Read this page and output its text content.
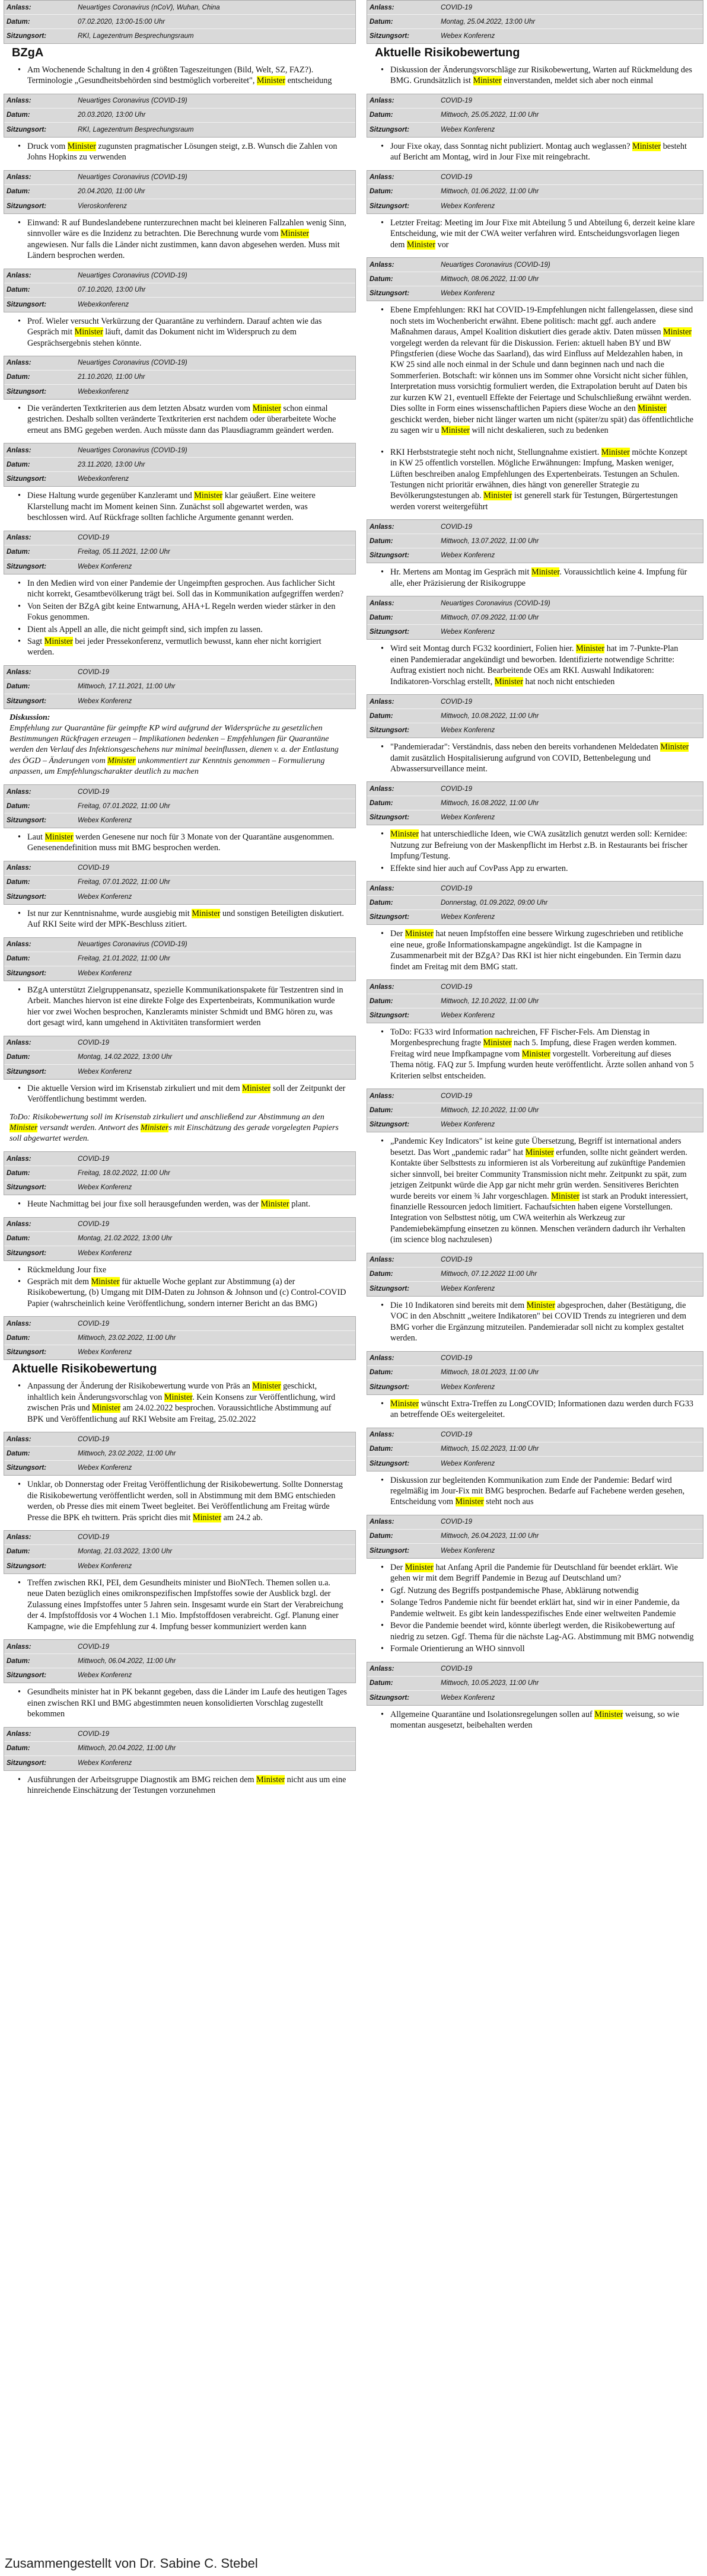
Anlass:	Neuartiges Coronavirus (nCoV), Wuhan, China
Datum:	07.02.2020, 13:00-15:00 Uhr
Sitzungsort:	RKI, Lagezentrum Besprechungsraum
BZgA

• Am Wochenende Schaltung in den 4 größten Tageszeitungen (Bild, Welt, SZ, FAZ?). Terminologie „Gesundheitsbehörden sind bestmöglich vorbereitet", Minister entscheidung

Anlass:	Neuartiges Coronavirus (COVID-19)
Datum:	20.03.2020, 13:00 Uhr
Sitzungsort:	RKI, Lagezentrum Besprechungsraum

• Druck vom Minister zugunsten pragmatischer Lösungen steigt, z.B. Wunsch die Zahlen von Johns Hopkins zu verwenden

Anlass:	Neuartiges Coronavirus (COVID-19)
Datum:	20.04.2020, 11:00 Uhr
Sitzungsort:	Vieroskonferenz

• Einwand: R auf Bundeslandebene runterzurechnen macht bei kleineren Fallzahlen wenig Sinn, sinnvoller wäre es die Inzidenz zu betrachten. Die Berechnung wurde vom Minister angewiesen. Nur falls die Länder nicht zustimmen, kann davon abgesehen werden. Muss mit Ländern besprochen werden.

Anlass:	Neuartiges Coronavirus (COVID-19)
Datum:	07.10.2020, 13:00 Uhr
Sitzungsort:	Webexkonferenz

• Prof. Wieler versucht Verkürzung der Quarantäne zu verhindern. Darauf achten wie das Gespräch mit Minister läuft, damit das Dokument nicht im Widerspruch zu dem Gesprächsergebnis stehen könnte.

Anlass:	Neuartiges Coronavirus (COVID-19)
Datum:	21.10.2020, 11:00 Uhr
Sitzungsort:	Webexkonferenz

• Die veränderten Textkriterien aus dem letzten Absatz wurden vom Minister schon einmal gestrichen. Deshalb sollten veränderte Textkriterien erst nachdem oder überarbeitete Woche erneut ans BMG gegeben werden. Auch müsste dann das Plausdiagramm geändert werden.

Anlass:	Neuartiges Coronavirus (COVID-19)
Datum:	23.11.2020, 13:00 Uhr
Sitzungsort:	Webexkonferenz

• Diese Haltung wurde gegenüber Kanzleramt und Minister klar geäußert. Eine weitere Klarstellung macht im Moment keinen Sinn. Zunächst soll abgewartet werden, was beschlossen wird. Auf Rückfrage sollten fachliche Argumente genannt werden.

Anlass:	COVID-19
Datum:	Freitag, 05.11.2021, 12:00 Uhr
Sitzungsort:	Webex Konferenz

• In den Medien wird von einer Pandemie der Ungeimpften gesprochen. Aus fachlicher Sicht nicht korrekt, Gesamtbevölkerung trägt bei. Soll das in Kommunikation aufgegriffen werden?

• Von Seiten der BZgA gibt keine Entwarnung, AHA+L Regeln werden wieder stärker in den Fokus genommen.

• Dient als Appell an alle, die nicht geimpft sind, sich impfen zu lassen.

• Sagt Minister bei jeder Pressekonferenz, vermutlich bewusst, kann eher nicht korrigiert werden.

Anlass:	COVID-19
Datum:	Mittwoch, 17.11.2021, 11:00 Uhr
Sitzungsort:	Webex Konferenz
Diskussion:
Empfehlung zur Quarantäne für geimpfte KP wird aufgrund der Widersprüche zu gesetzlichen Bestimmungen Rückfragen erzeugen – Implikationen bedenken – Empfehlungen für Quarantäne werden den Verlauf des Infektionsgeschehens nur minimal beeinflussen, dienen v. a. der Entlastung des ÖGD – Änderungen vom Minister unkommentiert zur Kenntnis genommen – Formulierung anpassen, um Empfehlungscharakter deutlich zu machen
Anlass:	COVID-19
Datum:	Freitag, 07.01.2022, 11:00 Uhr
Sitzungsort:	Webex Konferenz

• Laut Minister werden Genesene nur noch für 3 Monate von der Quarantäne ausgenommen. Genesenendefinition muss mit BMG besprochen werden.

Anlass:	COVID-19
Datum:	Freitag, 07.01.2022, 11:00 Uhr
Sitzungsort:	Webex Konferenz

• Ist nur zur Kenntnisnahme, wurde ausgiebig mit Minister und sonstigen Beteiligten diskutiert. Auf RKI Seite wird der MPK-Beschluss zitiert.

Anlass:	Neuartiges Coronavirus (COVID-19)
Datum:	Freitag, 21.01.2022, 11:00 Uhr
Sitzungsort:	Webex Konferenz

• BZgA unterstützt Zielgruppenansatz, spezielle Kommunikationspakete für Testzentren sind in Arbeit. Manches hiervon ist eine direkte Folge des Expertenbeirats, Kommunikation wurde hier vor zwei Wochen besprochen, Kanzleramts minister Schmidt und BMG hören zu, was dort gesagt wird, kann umgehend in Aktivitäten transformiert werden

Anlass:	COVID-19
Datum:	Montag, 14.02.2022, 13:00 Uhr
Sitzungsort:	Webex Konferenz

• Die aktuelle Version wird im Krisenstab zirkuliert und mit dem Minister soll der Zeitpunkt der Veröffentlichung bestimmt werden.

ToDo: Risikobewertung soll im Krisenstab zirkuliert und anschließend zur Abstimmung an den Minister versandt werden. Antwort des Ministers mit Einschätzung des gerade vorgelegten Papiers soll abgewartet werden.
Anlass:	COVID-19
Datum:	Freitag, 18.02.2022, 11:00 Uhr
Sitzungsort:	Webex Konferenz

• Heute Nachmittag bei jour fixe soll herausgefunden werden, was der Minister plant.

Anlass:	COVID-19
Datum:	Montag, 21.02.2022, 13:00 Uhr
Sitzungsort:	Webex Konferenz

• Rückmeldung Jour fixe

• Gespräch mit dem Minister für aktuelle Woche geplant zur Abstimmung (a) der Risikobewertung, (b) Umgang mit DIM-Daten zu Johnson & Johnson und (c) Control-COVID Papier (wahrscheinlich keine Veröffentlichung, sondern interner Bericht an das BMG)

Anlass:	COVID-19
Datum:	Mittwoch, 23.02.2022, 11:00 Uhr
Sitzungsort:	Webex Konferenz
Aktuelle Risikobewertung

• Anpassung der Änderung der Risikobewertung wurde von Präs an Minister geschickt, inhaltlich kein Änderungsvorschlag von Minister. Kein Konsens zur Veröffentlichung, wird zwischen Präs und Minister am 24.02.2022 besprochen. Voraussichtliche Abstimmung auf BPK und Veröffentlichung auf RKI Website am Freitag, 25.02.2022

Anlass:	COVID-19
Datum:	Mittwoch, 23.02.2022, 11:00 Uhr
Sitzungsort:	Webex Konferenz

• Unklar, ob Donnerstag oder Freitag Veröffentlichung der Risikobewertung. Sollte Donnerstag die Risikobewertung veröffentlicht werden, soll in Abstimmung mit dem BMG entschieden werden, ob Presse dies mit einem Tweet begleitet. Bei Veröffentlichung am Freitag würde Presse die BPK eh twittern. Präs spricht dies mit Minister am 24.2 ab.

Anlass:	COVID-19
Datum:	Montag, 21.03.2022, 13:00 Uhr
Sitzungsort:	Webex Konferenz

• Treffen zwischen RKI, PEI, dem Gesundheits minister und BioNTech. Themen sollen u.a. neue Daten bezüglich eines omikronspezifischen Impfstoffes sowie der Ausblick bzgl. der Zulassung eines Impfstoffes unter 5 Jahren sein. Insgesamt wurde ein Start der Verabreichung der 4. Impfstoffdosis vor 4 Wochen 1.1 Mio. Impfstoffdosen verabreicht. Ggf. Planung einer Kampagne, wie die Empfehlung zur 4. Impfung besser kommuniziert werden kann

Anlass:	COVID-19
Datum:	Mittwoch, 06.04.2022, 11:00 Uhr
Sitzungsort:	Webex Konferenz

• Gesundheits minister hat in PK bekannt gegeben, dass die Länder im Laufe des heutigen Tages einen zwischen RKI und BMG abgestimmten neuen konsolidierten Vorschlag zugestellt bekommen

Anlass:	COVID-19
Datum:	Mittwoch, 20.04.2022, 11:00 Uhr
Sitzungsort:	Webex Konferenz

• Ausführungen der Arbeitsgruppe Diagnostik am BMG reichen dem Minister nicht aus um eine hinreichende Einschätzung der Testungen vorzunehmen

Anlass:	COVID-19
Datum:	Montag, 25.04.2022, 13:00 Uhr
Sitzungsort:	Webex Konferenz
Aktuelle Risikobewertung

• Diskussion der Änderungsvorschläge zur Risikobewertung, Warten auf Rückmeldung des BMG. Grundsätzlich ist Minister einverstanden, meldet sich aber noch einmal

Anlass:	COVID-19
Datum:	Mittwoch, 25.05.2022, 11:00 Uhr
Sitzungsort:	Webex Konferenz

• Jour Fixe okay, dass Sonntag nicht publiziert. Montag auch weglassen? Minister besteht auf Bericht am Montag, wird in Jour Fixe mit reingebracht.

Anlass:	COVID-19
Datum:	Mittwoch, 01.06.2022, 11:00 Uhr
Sitzungsort:	Webex Konferenz

• Letzter Freitag: Meeting im Jour Fixe mit Abteilung 5 und Abteilung 6, derzeit keine klare Entscheidung, wie mit der CWA weiter verfahren wird. Entscheidungsvorlagen liegen dem Minister vor

Anlass:	Neuartiges Coronavirus (COVID-19)
Datum:	Mittwoch, 08.06.2022, 11:00 Uhr
Sitzungsort:	Webex Konferenz

• Ebene Empfehlungen: RKI hat COVID-19-Empfehlungen nicht fallengelassen, diese sind noch stets im Wochenbericht erwähnt. Ebene politisch: macht ggf. auch andere Maßnahmen daraus, Ampel Koalition diskutiert dies gerade aktiv. Daten müssen Minister vorgelegt werden da relevant für die Diskussion. Ferien: aktuell haben BY und BW Pfingstferien (diese Woche das Saarland), das wird Einfluss auf Meldezahlen haben, in KW 25 sind alle noch einmal in der Schule und dann beginnen nach und nach die Sommerferien. Botschaft: wir können uns im Sommer ohne Vorsicht nicht sicher fühlen, Interpretation muss vorsichtig formuliert werden, die Extrapolation beruht auf Daten bis zur kurzen KW 21, eventuell Effekte der Feiertage und Schulschließung erwähnt werden. Dies sollte in Form eines wissenschaftlichen Papiers diese Woche an den Minister geschickt werden, bieber nicht länger warten um nicht (später/zu spät) das öffentlichtliche zu sagen wir u Minister will nicht deskalieren, such zu bedenken

• RKI Herbststrategie steht noch nicht, Stellungnahme existiert. Minister möchte Konzept in KW 25 offentlich vorstellen. Mögliche Erwähnungen: Impfung, Masken weniger, Lüften beschreiben analog Empfehlungen des Expertenbeirats. Testungen an Schulen. Testungen nicht prioritär erwähnen, dies hängt von genereller Strategie zu Bevölkerungstestungen ab. Minister ist generell stark für Testungen, Bürgertestungen werden vorerst weitergeführt

Anlass:	COVID-19
Datum:	Mittwoch, 13.07.2022, 11:00 Uhr
Sitzungsort:	Webex Konferenz

• Hr. Mertens am Montag im Gespräch mit Minister. Voraussichtlich keine 4. Impfung für alle, eher Präzisierung der Risikogruppe

Anlass:	Neuartiges Coronavirus (COVID-19)
Datum:	Mittwoch, 07.09.2022, 11:00 Uhr
Sitzungsort:	Webex Konferenz

• Wird seit Montag durch FG32 koordiniert, Folien hier. Minister hat im 7-Punkte-Plan einen Pandemieradar angekündigt und beworben. Identifizierte notwendige Schritte: Auftrag existiert noch nicht. Bearbeitende OEs am RKI. Auswahl Indikatoren: Indikatoren-Vorschlag erstellt, Minister hat noch nicht entschieden

Anlass:	COVID-19
Datum:	Mittwoch, 10.08.2022, 11:00 Uhr
Sitzungsort:	Webex Konferenz

• "Pandemieradar": Verständnis, dass neben den bereits vorhandenen Meldedaten Minister damit zusätzlich Hospitalisierung aufgrund von COVID, Bettenbelegung und Abwassersurveillance meint.

Anlass:	COVID-19
Datum:	Mittwoch, 16.08.2022, 11:00 Uhr
Sitzungsort:	Webex Konferenz

• Minister hat unterschiedliche Ideen, wie CWA zusätzlich genutzt werden soll: Kernidee: Nutzung zur Befreiung von der Maskenpflicht im Herbst z.B. in Restaurants bei frischer Impfung/Testung.

• Effekte sind hier auch auf CovPass App zu erwarten.

Anlass:	COVID-19
Datum:	Donnerstag, 01.09.2022, 09:00 Uhr
Sitzungsort:	Webex Konferenz

• Der Minister hat neuen Impfstoffen eine bessere Wirkung zugeschrieben und retibliche eine neue, große Informationskampagne angekündigt. Ist die Kampagne in Zusammenarbeit mit der BZgA? Das RKI ist hier nicht eingebunden. Ein Termin dazu findet am Freitag mit dem BMG statt.

Anlass:	COVID-19
Datum:	Mittwoch, 12.10.2022, 11:00 Uhr
Sitzungsort:	Webex Konferenz

• ToDo: FG33 wird Information nachreichen, FF Fischer-Fels. Am Dienstag in Morgenbesprechung fragte Minister nach 5. Impfung, diese Fragen werden kommen. Freitag wird neue Impfkampagne vom Minister vorgestellt. Vorbereitung auf dieses Thema nötig. FAQ zur 5. Impfung wurden heute veröffentlicht. Ärzte sollen anhand von 5 Kriterien selbst entscheiden.

Anlass:	COVID-19
Datum:	Mittwoch, 12.10.2022, 11:00 Uhr
Sitzungsort:	Webex Konferenz

• „Pandemic Key Indicators" ist keine gute Übersetzung, Begriff ist international anders besetzt. Das Wort „pandemic radar" hat Minister erfunden, sollte nicht geändert werden. Kontakte über Selbsttests zu informieren ist als Vorbereitung auf zukünftige Pandemien sicher sinnvoll, bei breiter Community Transmission nicht mehr. Zeitpunkt zu spät, zum jetzigen Zeitpunkt würde die App gar nicht mehr grün werden. Sensitiveres Berichten wurde bereits vor einem ¾ Jahr vorgeschlagen. Minister ist stark an Produkt interessiert, finanzielle Ressourcen jedoch limitiert. Fachaufsichten haben eigene Vorstellungen. Integration von Selbsttest nötig, um CWA weiterhin als Werkzeug zur Pandemiebekämpfung einsetzen zu können. Menschen verändern dadurch ihr Verhalten (im science blog nachzulesen)

Anlass:	COVID-19
Datum:	Mittwoch, 07.12.2022 11:00 Uhr
Sitzungsort:	Webex Konferenz

• Die 10 Indikatoren sind bereits mit dem Minister abgesprochen, daher (Bestätigung, die VOC in den Abschnitt „weitere Indikatoren" bei COVID Trends zu integrieren und dem BMG vorher die Ergänzung mitzuteilen. Pandemieradar soll nicht zu komplex gestaltet werden.

Anlass:	COVID-19
Datum:	Mittwoch, 18.01.2023, 11:00 Uhr
Sitzungsort:	Webex Konferenz

• Minister wünscht Extra-Treffen zu LongCOVID; Informationen dazu werden durch FG33 an betreffende OEs weitergeleitet.

Anlass:	COVID-19
Datum:	Mittwoch, 15.02.2023, 11:00 Uhr
Sitzungsort:	Webex Konferenz

• Diskussion zur begleitenden Kommunikation zum Ende der Pandemie: Bedarf wird regelmäßig im Jour-Fix mit BMG besprochen. Bedarfe auf Fachebene werden gesehen, Entscheidung vom Minister steht noch aus

Anlass:	COVID-19
Datum:	Mittwoch, 26.04.2023, 11:00 Uhr
Sitzungsort:	Webex Konferenz

• Der Minister hat Anfang April die Pandemie für Deutschland für beendet erklärt. Wie gehen wir mit dem Begriff Pandemie in Bezug auf Deutschland um?

• Ggf. Nutzung des Begriffs postpandemische Phase, Abklärung notwendig

• Solange Tedros Pandemie nicht für beendet erklärt hat, sind wir in einer Pandemie, da Pandemie weltweit. Es gibt kein landesspezifisches Ende einer weltweiten Pandemie

• Bevor die Pandemie beendet wird, könnte überlegt werden, die Risikobewertung auf niedrig zu setzen. Ggf. Thema für die nächste Lag-AG. Abstimmung mit BMG notwendig

• Formale Orientierung an WHO sinnvoll

Anlass:	COVID-19
Datum:	Mittwoch, 10.05.2023, 11:00 Uhr
Sitzungsort:	Webex Konferenz

• Allgemeine Quarantäne und Isolationsregelungen sollen auf Minister weisung, so wie momentan ausgesetzt, beibehalten werden

Zusammengestellt von Dr. Sabine C. Stebel
